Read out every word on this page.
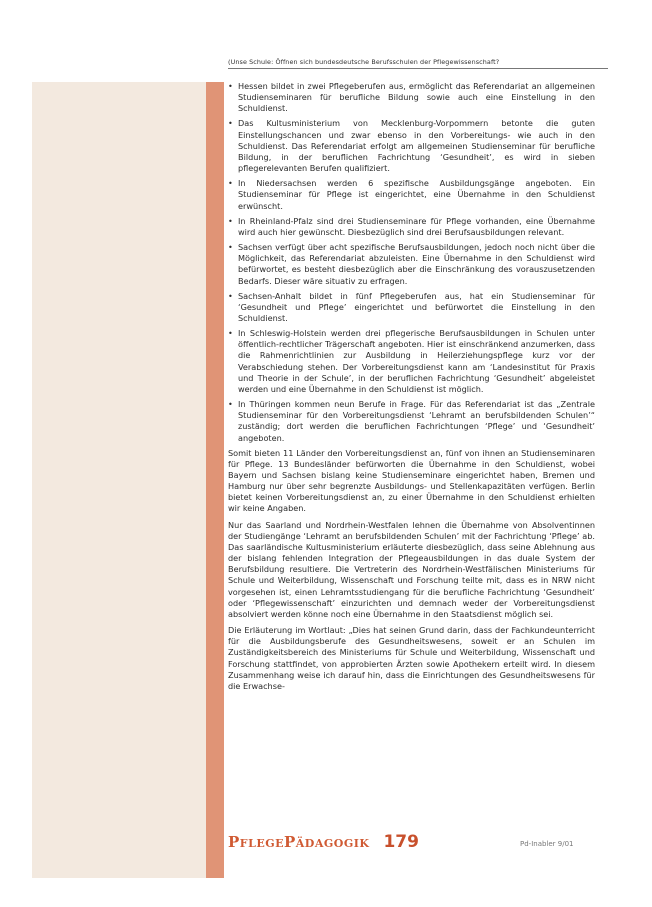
(Unse Schule: Öffnen sich bundesdeutsche Berufsschulen der Pflegewissenschaft?
• Hessen bildet in zwei Pflegeberufen aus, ermöglicht das Referendariat an allgemeinen Studienseminaren für berufliche Bildung sowie auch eine Einstellung in den Schuldienst.
• Das Kultusministerium von Mecklenburg-Vorpommern betonte die guten Einstellungschancen und zwar ebenso in den Vorbereitungs- wie auch in den Schuldienst. Das Referendariat erfolgt am allgemeinen Studienseminar für berufliche Bildung, in der beruflichen Fachrichtung ‘Gesundheit’, es wird in sieben pflegerelevanten Berufen qualifiziert.
• In Niedersachsen werden 6 spezifische Ausbildungsgänge angeboten. Ein Studienseminar für Pflege ist eingerichtet, eine Übernahme in den Schuldienst erwünscht.
• In Rheinland-Pfalz sind drei Studienseminare für Pflege vorhanden, eine Übernahme wird auch hier gewünscht. Diesbezüglich sind drei Berufsausbildungen relevant.
• Sachsen verfügt über acht spezifische Berufsausbildungen, jedoch noch nicht über die Möglichkeit, das Referendariat abzuleisten. Eine Übernahme in den Schuldienst wird befürwortet, es besteht diesbezüglich aber die Einschränkung des vorauszusetzenden Bedarfs. Dieser wäre situativ zu erfragen.
• Sachsen-Anhalt bildet in fünf Pflegeberufen aus, hat ein Studienseminar für ‘Gesundheit und Pflege’ eingerichtet und befürwortet die Einstellung in den Schuldienst.
• In Schleswig-Holstein werden drei pflegerische Berufsausbildungen in Schulen unter öffentlich-rechtlicher Trägerschaft angeboten. Hier ist einschränkend anzumerken, dass die Rahmenrichtlinien zur Ausbildung in Heilerziehungspflege kurz vor der Verabschiedung stehen. Der Vorbereitungsdienst kann am ‘Landesinstitut für Praxis und Theorie in der Schule’, in der beruflichen Fachrichtung ‘Gesundheit’ abgeleistet werden und eine Übernahme in den Schuldienst ist möglich.
• In Thüringen kommen neun Berufe in Frage. Für das Referendariat ist das „Zentrale Studienseminar für den Vorbereitungsdienst ‘Lehramt an berufsbildenden Schulen’“ zuständig; dort werden die beruflichen Fachrichtungen ‘Pflege’ und ‘Gesundheit’ angeboten.

Somit bieten 11 Länder den Vorbereitungsdienst an, fünf von ihnen an Studienseminaren für Pflege. 13 Bundesländer befürworten die Übernahme in den Schuldienst, wobei Bayern und Sachsen bislang keine Studienseminare eingerichtet haben, Bremen und Hamburg nur über sehr begrenzte Ausbildungs- und Stellenkapazitäten verfügen. Berlin bietet keinen Vorbereitungsdienst an, zu einer Übernahme in den Schuldienst erhielten wir keine Angaben.

Nur das Saarland und Nordrhein-Westfalen lehnen die Übernahme von Absolventinnen der Studiengänge ‘Lehramt an berufsbildenden Schulen’ mit der Fachrichtung ‘Pflege’ ab. Das saarländische Kultusministerium erläuterte diesbezüglich, dass seine Ablehnung aus der bislang fehlenden Integration der Pflegeausbildungen in das duale System der Berufsbildung resultiere. Die Vertreterin des Nordrhein-Westfälischen Ministeriums für Schule und Weiterbildung, Wissenschaft und Forschung teilte mit, dass es in NRW nicht vorgesehen ist, einen Lehramtsstudiengang für die berufliche Fachrichtung ‘Gesundheit’ oder ‘Pflegewissenschaft’ einzurichten und demnach weder der Vorbereitungsdienst absolviert werden könne noch eine Übernahme in den Staatsdienst möglich sei.

Die Erläuterung im Wortlaut: „Dies hat seinen Grund darin, dass der Fachkundeunterricht für die Ausbildungsberufe des Gesundheitswesens, soweit er an Schulen im Zuständigkeitsbereich des Ministeriums für Schule und Weiterbildung, Wissenschaft und Forschung stattfindet, von approbierten Ärzten sowie Apothekern erteilt wird. In diesem Zusammenhang weise ich darauf hin, dass die Einrichtungen des Gesundheitswesens für die Erwachse-

PflegePädagogik 179	Pd-Inabler 9/01
